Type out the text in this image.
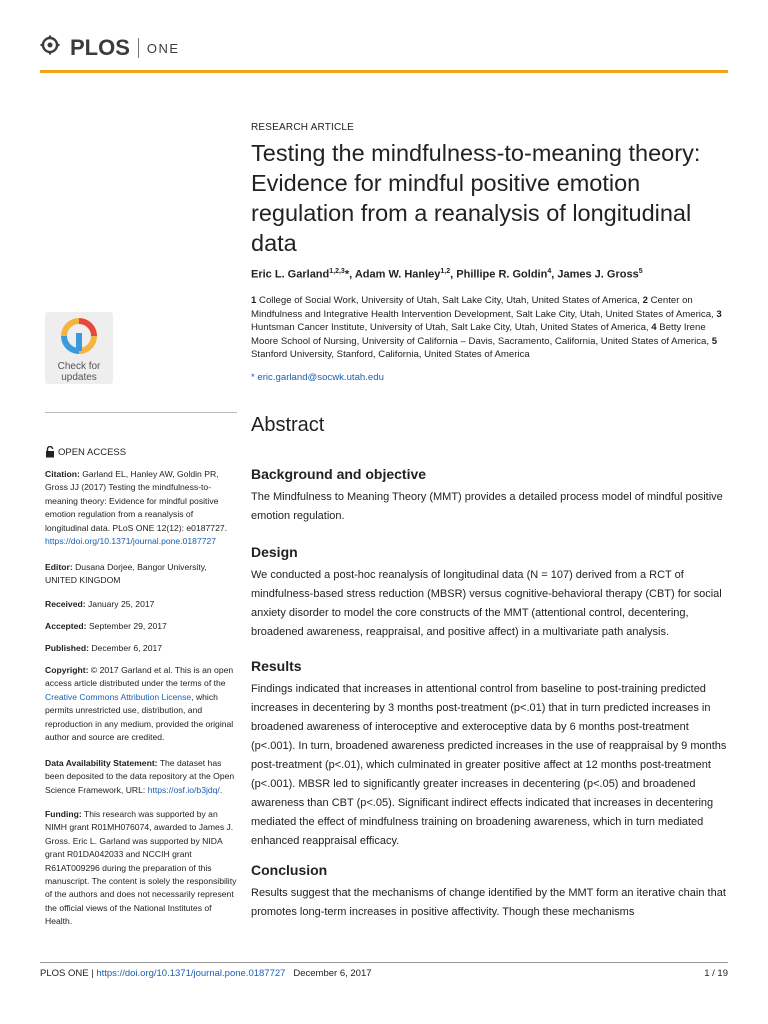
PLOS ONE
Check for
updates
OPEN ACCESS
Citation: Garland EL, Hanley AW, Goldin PR, Gross JJ (2017) Testing the mindfulness-to-meaning theory: Evidence for mindful positive emotion regulation from a reanalysis of longitudinal data. PLoS ONE 12(12): e0187727. https://doi.org/10.1371/journal.pone.0187727
Editor: Dusana Dorjee, Bangor University, UNITED KINGDOM
Received: January 25, 2017
Accepted: September 29, 2017
Published: December 6, 2017
Copyright: © 2017 Garland et al. This is an open access article distributed under the terms of the Creative Commons Attribution License, which permits unrestricted use, distribution, and reproduction in any medium, provided the original author and source are credited.
Data Availability Statement: The dataset has been deposited to the data repository at the Open Science Framework, URL: https://osf.io/b3jdq/.
Funding: This research was supported by an NIMH grant R01MH076074, awarded to James J. Gross. Eric L. Garland was supported by NIDA grant R01DA042033 and NCCIH grant R61AT009296 during the preparation of this manuscript. The content is solely the responsibility of the authors and does not necessarily represent the official views of the National Institutes of Health.
RESEARCH ARTICLE
Testing the mindfulness-to-meaning theory: Evidence for mindful positive emotion regulation from a reanalysis of longitudinal data
Eric L. Garland$^{1,2,3}$*, Adam W. Hanley$^{1,2}$, Phillipe R. Goldin$^4$, James J. Gross$^5$
1 College of Social Work, University of Utah, Salt Lake City, Utah, United States of America, 2 Center on Mindfulness and Integrative Health Intervention Development, Salt Lake City, Utah, United States of America, 3 Huntsman Cancer Institute, University of Utah, Salt Lake City, Utah, United States of America, 4 Betty Irene Moore School of Nursing, University of California – Davis, Sacramento, California, United States of America, 5 Stanford University, Stanford, California, United States of America
* eric.garland@socwk.utah.edu
Abstract
Background and objective

The Mindfulness to Meaning Theory (MMT) provides a detailed process model of mindful positive emotion regulation.

Design

We conducted a post-hoc reanalysis of longitudinal data (N = 107) derived from a RCT of mindfulness-based stress reduction (MBSR) versus cognitive-behavioral therapy (CBT) for social anxiety disorder to model the core constructs of the MMT (attentional control, decentering, broadened awareness, reappraisal, and positive affect) in a multivariate path analysis.

Results

Findings indicated that increases in attentional control from baseline to post-training predicted increases in decentering by 3 months post-treatment (p<.01) that in turn predicted increases in broadened awareness of interoceptive and exteroceptive data by 6 months post-treatment (p<.001). In turn, broadened awareness predicted increases in the use of reappraisal by 9 months post-treatment (p<.01), which culminated in greater positive affect at 12 months post-treatment (p<.001). MBSR led to significantly greater increases in decentering (p<.05) and broadened awareness than CBT (p<.05). Significant indirect effects indicated that increases in decentering mediated the effect of mindfulness training on broadening awareness, which in turn mediated enhanced reappraisal efficacy.

Conclusion

Results suggest that the mechanisms of change identified by the MMT form an iterative chain that promotes long-term increases in positive affectivity. Though these mechanisms

PLOS ONE | https://doi.org/10.1371/journal.pone.0187727 December 6, 2017	1 / 19
